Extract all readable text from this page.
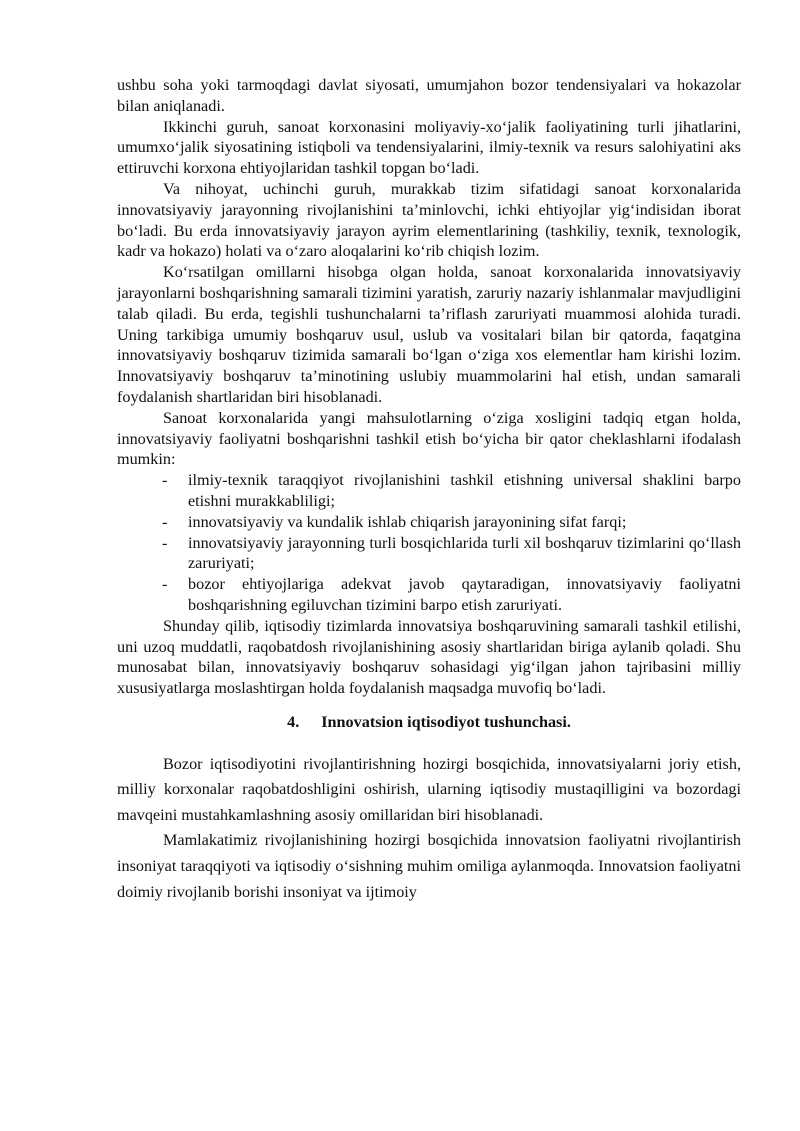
ushbu soha yoki tarmoqdagi davlat siyosati, umumjahon bozor tendensiyalari va hokazolar bilan aniqlanadi.

Ikkinchi guruh, sanoat korxonasini moliyaviy-xo‘jalik faoliyatining turli jihatlarini, umumxo‘jalik siyosatining istiqboli va tendensiyalarini, ilmiy-texnik va resurs salohiyatini aks ettiruvchi korxona ehtiyojlaridan tashkil topgan bo‘ladi.

Va nihoyat, uchinchi guruh, murakkab tizim sifatidagi sanoat korxonalarida innovatsiyaviy jarayonning rivojlanishini ta’minlovchi, ichki ehtiyojlar yig‘indisidan iborat bo‘ladi. Bu erda innovatsiyaviy jarayon ayrim elementlarining (tashkiliy, texnik, texnologik, kadr va hokazo) holati va o‘zaro aloqalarini ko‘rib chiqish lozim.

Ko‘rsatilgan omillarni hisobga olgan holda, sanoat korxonalarida innovatsiyaviy jarayonlarni boshqarishning samarali tizimini yaratish, zaruriy nazariy ishlanmalar mavjudligini talab qiladi. Bu erda, tegishli tushunchalarni ta’riflash zaruriyati muammosi alohida turadi. Uning tarkibiga umumiy boshqaruv usul, uslub va vositalari bilan bir qatorda, faqatgina innovatsiyaviy boshqaruv tizimida samarali bo‘lgan o‘ziga xos elementlar ham kirishi lozim. Innovatsiyaviy boshqaruv ta’minotining uslubiy muammolarini hal etish, undan samarali foydalanish shartlaridan biri hisoblanadi.

Sanoat korxonalarida yangi mahsulotlarning o‘ziga xosligini tadqiq etgan holda, innovatsiyaviy faoliyatni boshqarishni tashkil etish bo‘yicha bir qator cheklashlarni ifodalash mumkin:

- ilmiy-texnik taraqqiyot rivojlanishini tashkil etishning universal shaklini barpo etishni murakkabliligi;
- innovatsiyaviy va kundalik ishlab chiqarish jarayonining sifat farqi;
- innovatsiyaviy jarayonning turli bosqichlarida turli xil boshqaruv tizimlarini qo‘llash zaruriyati;
- bozor ehtiyojlariga adekvat javob qaytaradigan, innovatsiyaviy faoliyatni boshqarishning egiluvchan tizimini barpo etish zaruriyati.

Shunday qilib, iqtisodiy tizimlarda innovatsiya boshqaruvining samarali tashkil etilishi, uni uzoq muddatli, raqobatdosh rivojlanishining asosiy shartlaridan biriga aylanib qoladi. Shu munosabat bilan, innovatsiyaviy boshqaruv sohasidagi yig‘ilgan jahon tajribasini milliy xususiyatlarga moslashtirgan holda foydalanish maqsadga muvofiq bo‘ladi.

4. Innovatsion iqtisodiyot tushunchasi.

Bozor iqtisodiyotini rivojlantirishning hozirgi bosqichida, innovatsiyalarni joriy etish, milliy korxonalar raqobatdoshligini oshirish, ularning iqtisodiy mustaqilligini va bozordagi mavqeini mustahkamlashning asosiy omillaridan biri hisoblanadi.

Mamlakatimiz rivojlanishining hozirgi bosqichida innovatsion faoliyatni rivojlantirish insoniyat taraqqiyoti va iqtisodiy o‘sishning muhim omiliga aylanmoqda. Innovatsion faoliyatni doimiy rivojlanib borishi insoniyat va ijtimoiy
